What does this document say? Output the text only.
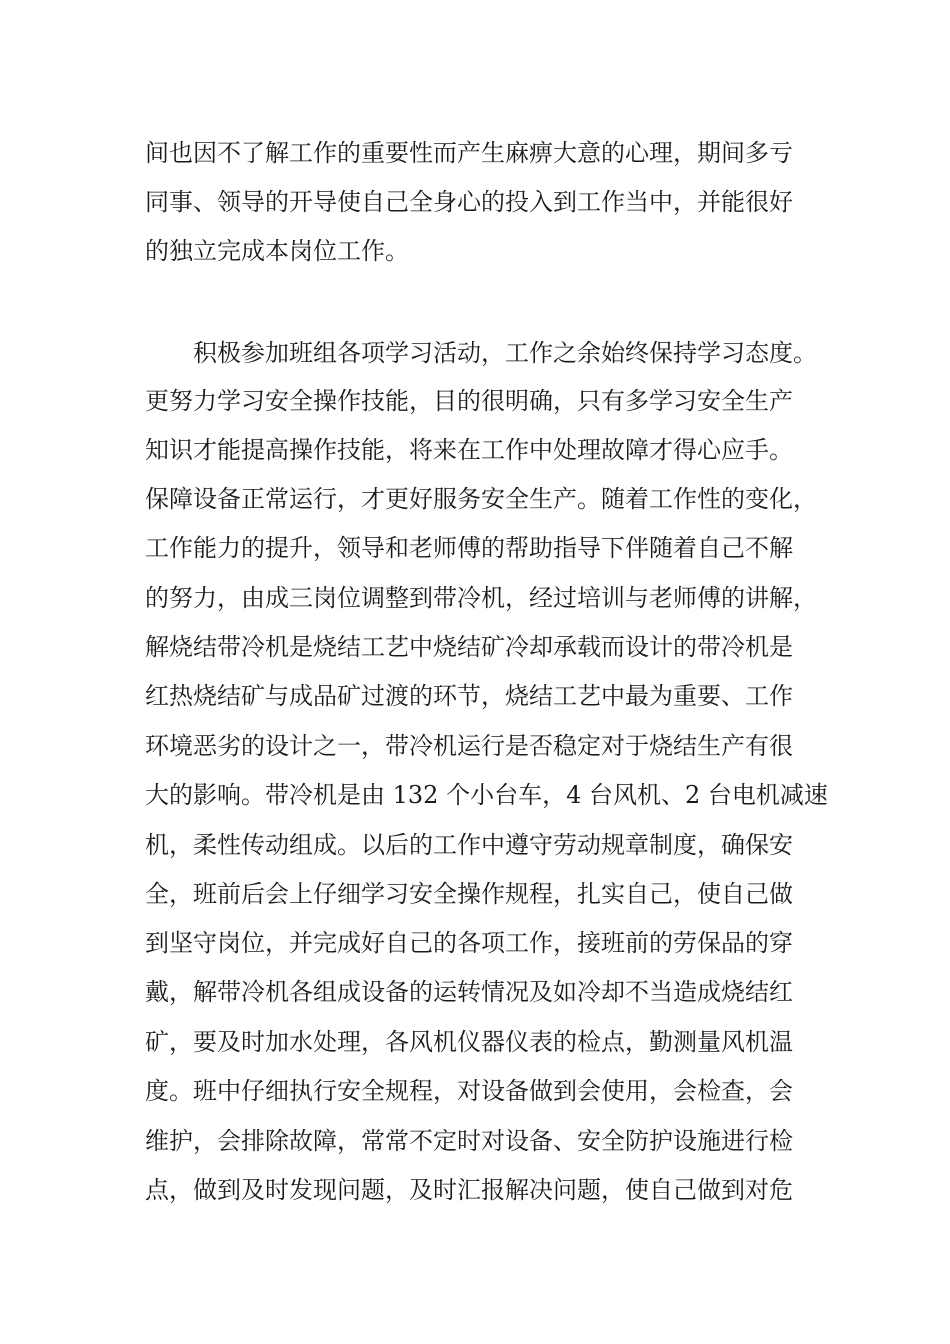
间也因不了解工作的重要性而产生麻痹大意的心理，期间多亏
同事、领导的开导使自己全身心的投入到工作当中，并能很好
的独立完成本岗位工作。
积极参加班组各项学习活动，工作之余始终保持学习态度。
更努力学习安全操作技能，目的很明确，只有多学习安全生产
知识才能提高操作技能，将来在工作中处理故障才得心应手。
保障设备正常运行，才更好服务安全生产。随着工作性的变化，
工作能力的提升，领导和老师傅的帮助指导下伴随着自己不解
的努力，由成三岗位调整到带冷机，经过培训与老师傅的讲解，
解烧结带冷机是烧结工艺中烧结矿冷却承载而设计的带冷机是
红热烧结矿与成品矿过渡的环节，烧结工艺中最为重要、工作
环境恶劣的设计之一，带冷机运行是否稳定对于烧结生产有很
大的影响。带冷机是由 132 个小台车，4 台风机、2 台电机减速
机，柔性传动组成。以后的工作中遵守劳动规章制度，确保安
全，班前后会上仔细学习安全操作规程，扎实自己，使自己做
到坚守岗位，并完成好自己的各项工作，接班前的劳保品的穿
戴，解带冷机各组成设备的运转情况及如冷却不当造成烧结红
矿，要及时加水处理，各风机仪器仪表的检点，勤测量风机温
度。班中仔细执行安全规程，对设备做到会使用，会检查，会
维护，会排除故障，常常不定时对设备、安全防护设施进行检
点，做到及时发现问题，及时汇报解决问题，使自己做到对危
